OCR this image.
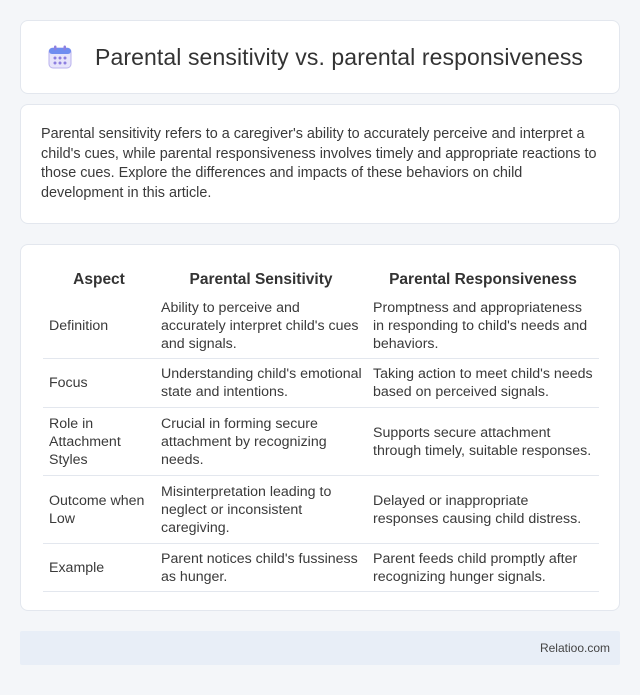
Parental sensitivity vs. parental responsiveness

Parental sensitivity refers to a caregiver's ability to accurately perceive and interpret a child's cues, while parental responsiveness involves timely and appropriate reactions to those cues. Explore the differences and impacts of these behaviors on child development in this article.

Aspect	Parental Sensitivity	Parental Responsiveness
Definition	Ability to perceive and accurately interpret child's cues and signals.	Promptness and appropriateness in responding to child's needs and behaviors.
Focus	Understanding child's emotional state and intentions.	Taking action to meet child's needs based on perceived signals.
Role in Attachment Styles	Crucial in forming secure attachment by recognizing needs.	Supports secure attachment through timely, suitable responses.
Outcome when Low	Misinterpretation leading to neglect or inconsistent caregiving.	Delayed or inappropriate responses causing child distress.
Example	Parent notices child's fussiness as hunger.	Parent feeds child promptly after recognizing hunger signals.
Relatioo.com
